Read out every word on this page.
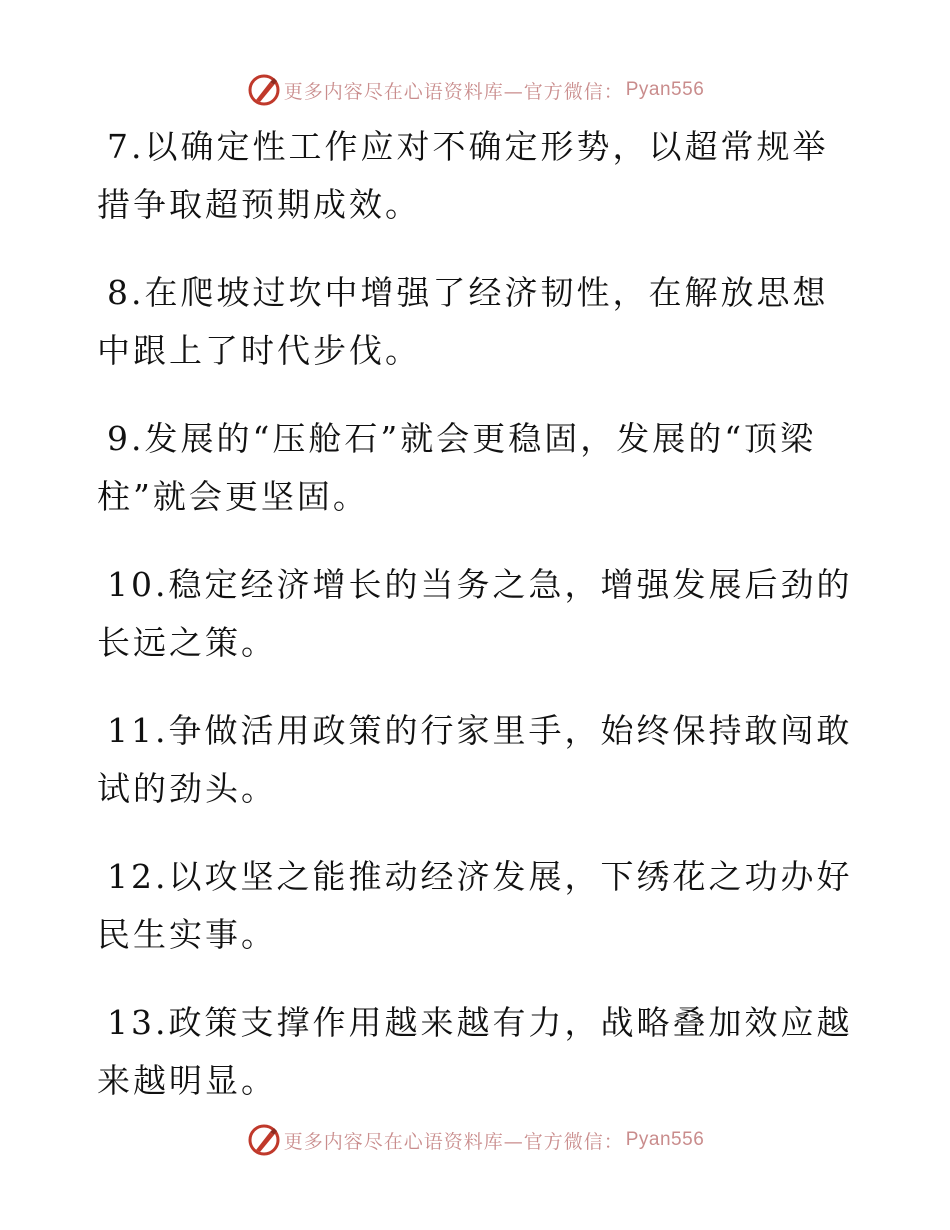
更多内容尽在心语资料库—官方微信： Pyan556

7.以确定性工作应对不确定形势，以超常规举措争取超预期成效。

8.在爬坡过坎中增强了经济韧性，在解放思想中跟上了时代步伐。

9.发展的“压舱石”就会更稳固，发展的“顶梁柱”就会更坚固。

10.稳定经济增长的当务之急，增强发展后劲的长远之策。

11.争做活用政策的行家里手，始终保持敢闯敢试的劲头。

12.以攻坚之能推动经济发展，下绣花之功办好民生实事。

13.政策支撑作用越来越有力，战略叠加效应越来越明显。

更多内容尽在心语资料库—官方微信： Pyan556
